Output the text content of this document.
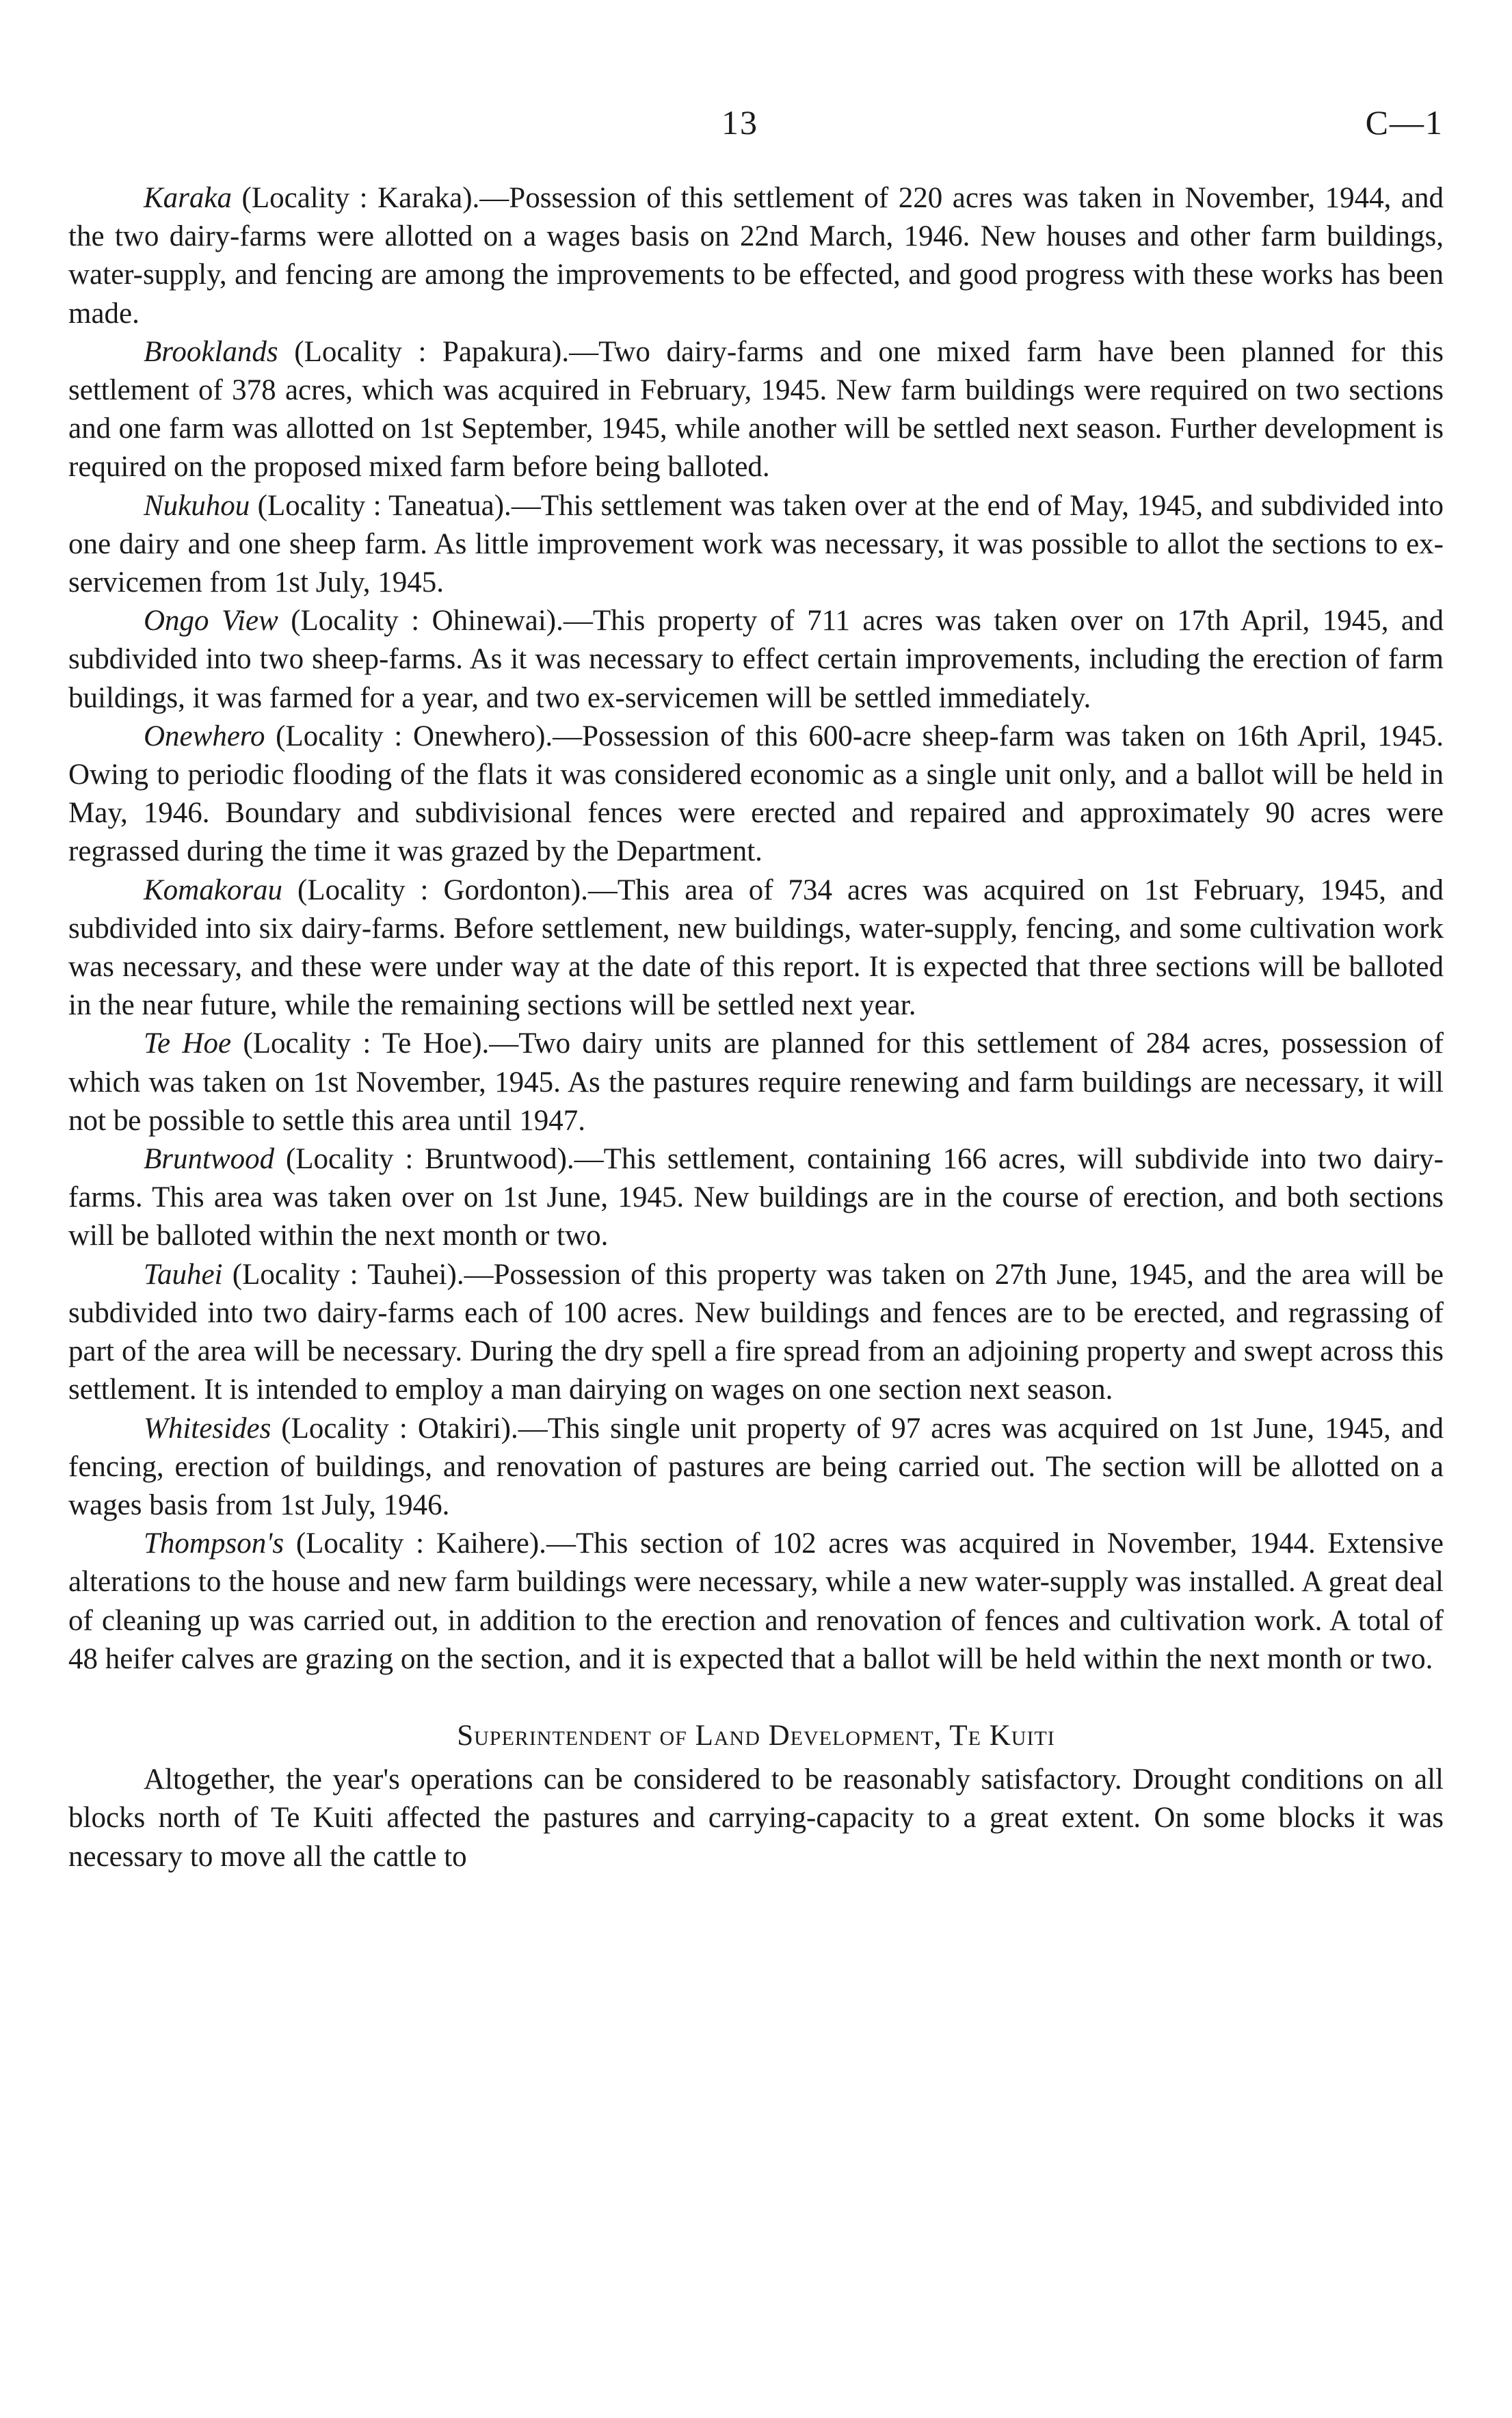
13	C—1

Karaka (Locality : Karaka).—Possession of this settlement of 220 acres was taken in November, 1944, and the two dairy-farms were allotted on a wages basis on 22nd March, 1946. New houses and other farm buildings, water-supply, and fencing are among the improvements to be effected, and good progress with these works has been made.

Brooklands (Locality : Papakura).—Two dairy-farms and one mixed farm have been planned for this settlement of 378 acres, which was acquired in February, 1945. New farm buildings were required on two sections and one farm was allotted on 1st September, 1945, while another will be settled next season. Further development is required on the proposed mixed farm before being balloted.

Nukuhou (Locality : Taneatua).—This settlement was taken over at the end of May, 1945, and subdivided into one dairy and one sheep farm. As little improvement work was necessary, it was possible to allot the sections to ex-servicemen from 1st July, 1945.

Ongo View (Locality : Ohinewai).—This property of 711 acres was taken over on 17th April, 1945, and subdivided into two sheep-farms. As it was necessary to effect certain improvements, including the erection of farm buildings, it was farmed for a year, and two ex-servicemen will be settled immediately.

Onewhero (Locality : Onewhero).—Possession of this 600-acre sheep-farm was taken on 16th April, 1945. Owing to periodic flooding of the flats it was considered economic as a single unit only, and a ballot will be held in May, 1946. Boundary and subdivisional fences were erected and repaired and approximately 90 acres were regrassed during the time it was grazed by the Department.

Komakorau (Locality : Gordonton).—This area of 734 acres was acquired on 1st February, 1945, and subdivided into six dairy-farms. Before settlement, new buildings, water-supply, fencing, and some cultivation work was necessary, and these were under way at the date of this report. It is expected that three sections will be balloted in the near future, while the remaining sections will be settled next year.

Te Hoe (Locality : Te Hoe).—Two dairy units are planned for this settlement of 284 acres, possession of which was taken on 1st November, 1945. As the pastures require renewing and farm buildings are necessary, it will not be possible to settle this area until 1947.

Bruntwood (Locality : Bruntwood).—This settlement, containing 166 acres, will subdivide into two dairy-farms. This area was taken over on 1st June, 1945. New buildings are in the course of erection, and both sections will be balloted within the next month or two.

Tauhei (Locality : Tauhei).—Possession of this property was taken on 27th June, 1945, and the area will be subdivided into two dairy-farms each of 100 acres. New buildings and fences are to be erected, and regrassing of part of the area will be necessary. During the dry spell a fire spread from an adjoining property and swept across this settlement. It is intended to employ a man dairying on wages on one section next season.

Whitesides (Locality : Otakiri).—This single unit property of 97 acres was acquired on 1st June, 1945, and fencing, erection of buildings, and renovation of pastures are being carried out. The section will be allotted on a wages basis from 1st July, 1946.

Thompson's (Locality : Kaihere).—This section of 102 acres was acquired in November, 1944. Extensive alterations to the house and new farm buildings were necessary, while a new water-supply was installed. A great deal of cleaning up was carried out, in addition to the erection and renovation of fences and cultivation work. A total of 48 heifer calves are grazing on the section, and it is expected that a ballot will be held within the next month or two.

Superintendent of Land Development, Te Kuiti

Altogether, the year's operations can be considered to be reasonably satisfactory. Drought conditions on all blocks north of Te Kuiti affected the pastures and carrying-capacity to a great extent. On some blocks it was necessary to move all the cattle to
